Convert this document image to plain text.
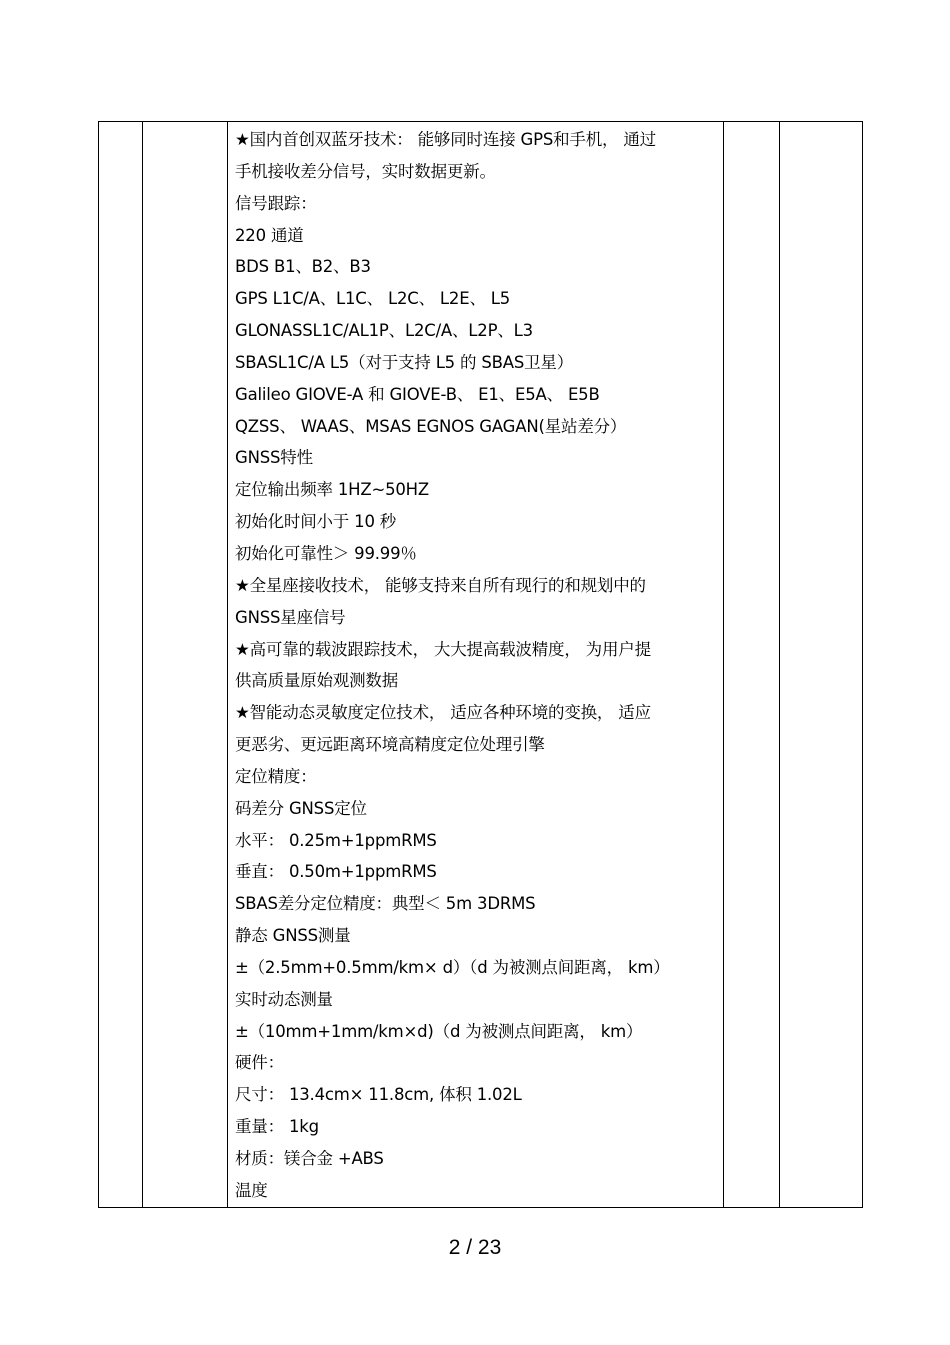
★国内首创双蓝牙技术： 能够同时连接 GPS和手机， 通过
手机接收差分信号，实时数据更新。
信号跟踪：
220 通道
BDS B1、B2、B3
GPS L1C/A、L1C、 L2C、 L2E、 L5
GLONASSL1C/AL1P、L2C/A、L2P、L3
SBASL1C/A L5（对于支持 L5 的 SBAS卫星）
Galileo GIOVE-A 和 GIOVE-B、 E1、E5A、 E5B
QZSS、 WAAS、MSAS EGNOS GAGAN(星站差分）
GNSS特性
定位输出频率 1HZ~50HZ
初始化时间小于 10 秒
初始化可靠性＞ 99.99％
★全星座接收技术， 能够支持来自所有现行的和规划中的
GNSS星座信号
★高可靠的载波跟踪技术， 大大提高载波精度， 为用户提
供高质量原始观测数据
★智能动态灵敏度定位技术， 适应各种环境的变换， 适应
更恶劣、更远距离环境高精度定位处理引擎
定位精度：
码差分 GNSS定位
水平： 0.25m+1ppmRMS
垂直： 0.50m+1ppmRMS
SBAS差分定位精度：典型＜ 5m 3DRMS
静态 GNSS测量
±（2.5mm+0.5mm/km× d）（d 为被测点间距离， km）
实时动态测量
±（10mm+1mm/km×d)（d 为被测点间距离， km）
硬件：
尺寸： 13.4cm× 11.8cm, 体积 1.02L
重量： 1kg
材质：镁合金 +ABS
温度

2 / 23
